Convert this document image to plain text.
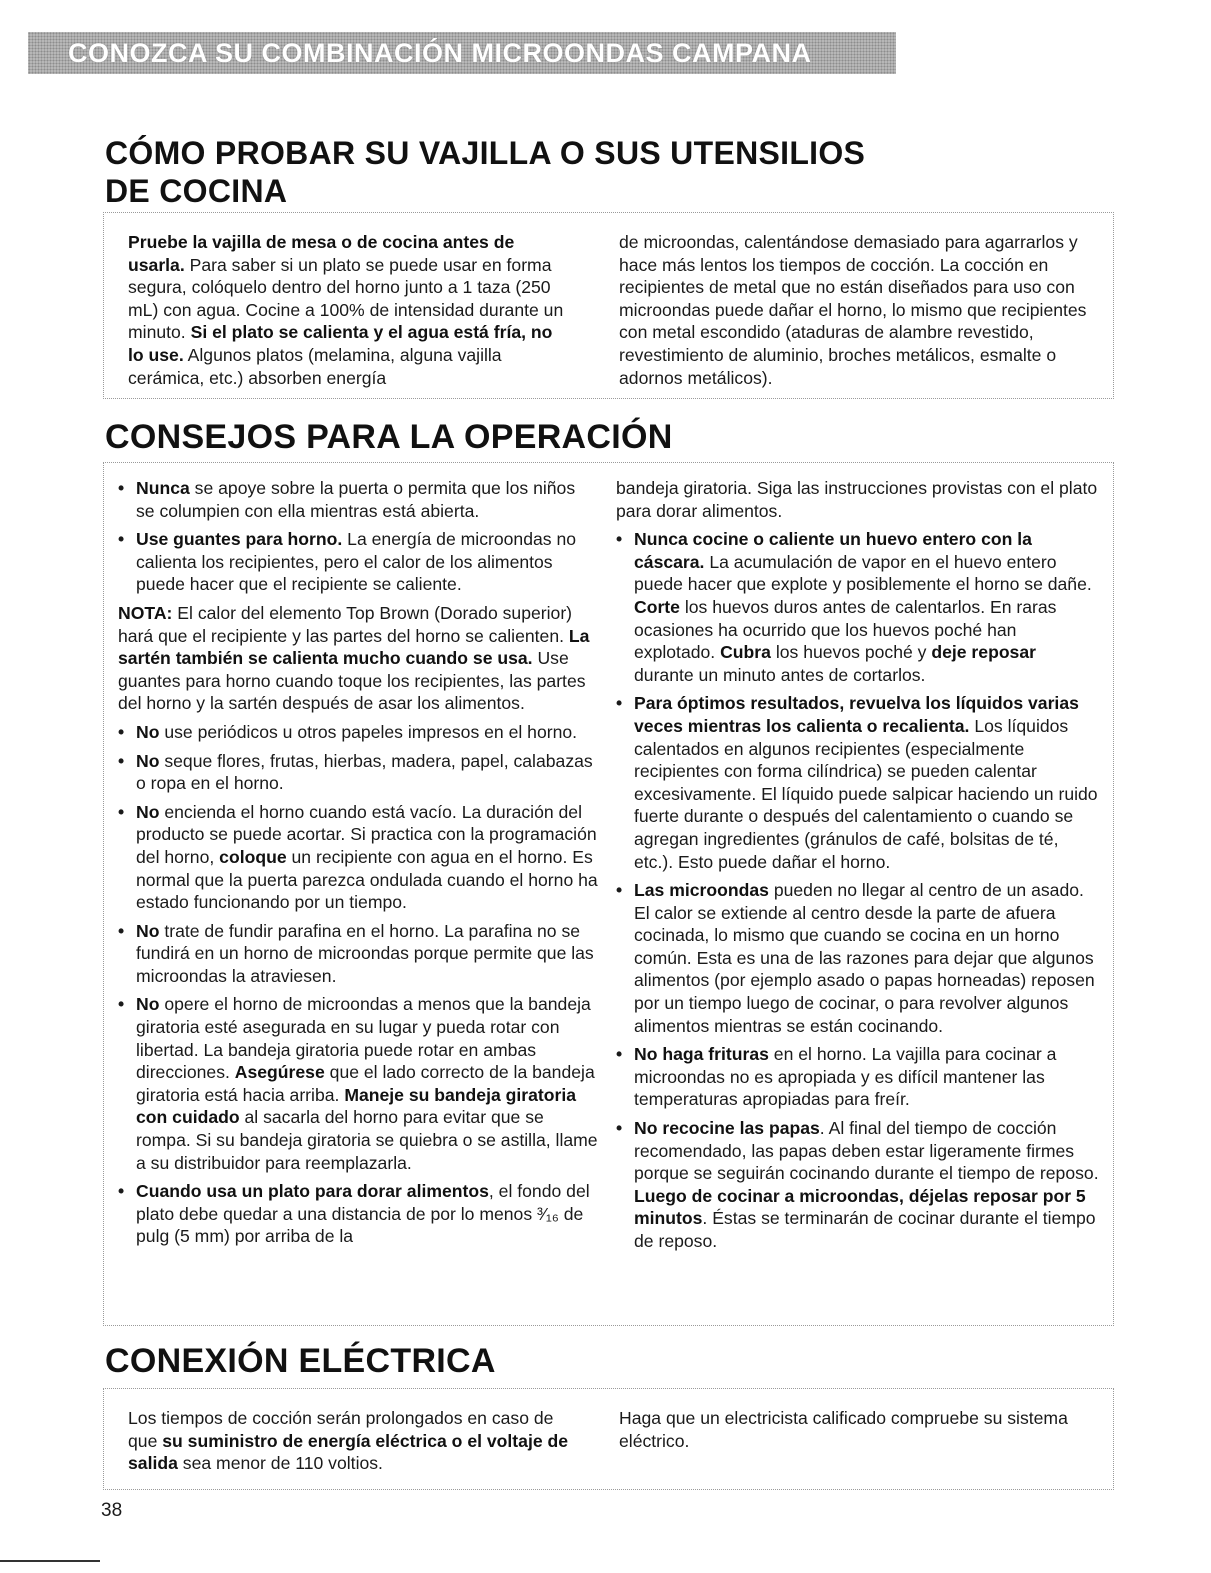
CONOZCA SU COMBINACIÓN MICROONDAS CAMPANA
CÓMO PROBAR SU VAJILLA O SUS UTENSILIOS
DE COCINA

Pruebe la vajilla de mesa o de cocina antes de usarla. Para saber si un plato se puede usar en forma segura, colóquelo dentro del horno junto a 1 taza (250 mL) con agua. Cocine a 100% de intensidad durante un minuto. Si el plato se calienta y el agua está fría, no lo use. Algunos platos (melamina, alguna vajilla cerámica, etc.) absorben energía

de microondas, calentándose demasiado para agarrarlos y hace más lentos los tiempos de cocción. La cocción en recipientes de metal que no están diseñados para uso con microondas puede dañar el horno, lo mismo que recipientes con metal escondido (ataduras de alambre revestido, revestimiento de aluminio, broches metálicos, esmalte o adornos metálicos).

CONSEJOS PARA LA OPERACIÓN

• Nunca se apoye sobre la puerta o permita que los niños se columpien con ella mientras está abierta.

• Use guantes para horno. La energía de microondas no calienta los recipientes, pero el calor de los alimentos puede hacer que el recipiente se caliente.

NOTA: El calor del elemento Top Brown (Dorado superior) hará que el recipiente y las partes del horno se calienten. La sartén también se calienta mucho cuando se usa. Use guantes para horno cuando toque los recipientes, las partes del horno y la sartén después de asar los alimentos.

• No use periódicos u otros papeles impresos en el horno.

• No seque flores, frutas, hierbas, madera, papel, calabazas o ropa en el horno.

• No encienda el horno cuando está vacío. La duración del producto se puede acortar. Si practica con la programación del horno, coloque un recipiente con agua en el horno. Es normal que la puerta parezca ondulada cuando el horno ha estado funcionando por un tiempo.

• No trate de fundir parafina en el horno. La parafina no se fundirá en un horno de microondas porque permite que las microondas la atraviesen.

• No opere el horno de microondas a menos que la bandeja giratoria esté asegurada en su lugar y pueda rotar con libertad. La bandeja giratoria puede rotar en ambas direcciones. Asegúrese que el lado correcto de la bandeja giratoria está hacia arriba. Maneje su bandeja giratoria con cuidado al sacarla del horno para evitar que se rompa. Si su bandeja giratoria se quiebra o se astilla, llame a su distribuidor para reemplazarla.

• Cuando usa un plato para dorar alimentos, el fondo del plato debe quedar a una distancia de por lo menos ³⁄₁₆ de pulg (5 mm) por arriba de la

bandeja giratoria. Siga las instrucciones provistas con el plato para dorar alimentos.

• Nunca cocine o caliente un huevo entero con la cáscara. La acumulación de vapor en el huevo entero puede hacer que explote y posiblemente el horno se dañe. Corte los huevos duros antes de calentarlos. En raras ocasiones ha ocurrido que los huevos poché han explotado. Cubra los huevos poché y deje reposar durante un minuto antes de cortarlos.

• Para óptimos resultados, revuelva los líquidos varias veces mientras los calienta o recalienta. Los líquidos calentados en algunos recipientes (especialmente recipientes con forma cilíndrica) se pueden calentar excesivamente. El líquido puede salpicar haciendo un ruido fuerte durante o después del calentamiento o cuando se agregan ingredientes (gránulos de café, bolsitas de té, etc.). Esto puede dañar el horno.

• Las microondas pueden no llegar al centro de un asado. El calor se extiende al centro desde la parte de afuera cocinada, lo mismo que cuando se cocina en un horno común. Esta es una de las razones para dejar que algunos alimentos (por ejemplo asado o papas horneadas) reposen por un tiempo luego de cocinar, o para revolver algunos alimentos mientras se están cocinando.

• No haga frituras en el horno. La vajilla para cocinar a microondas no es apropiada y es difícil mantener las temperaturas apropiadas para freír.

• No recocine las papas. Al final del tiempo de cocción recomendado, las papas deben estar ligeramente firmes porque se seguirán cocinando durante el tiempo de reposo. Luego de cocinar a microondas, déjelas reposar por 5 minutos. Éstas se terminarán de cocinar durante el tiempo de reposo.

CONEXIÓN ELÉCTRICA

Los tiempos de cocción serán prolongados en caso de que su suministro de energía eléctrica o el voltaje de salida sea menor de 110 voltios.

Haga que un electricista calificado compruebe su sistema eléctrico.

38
